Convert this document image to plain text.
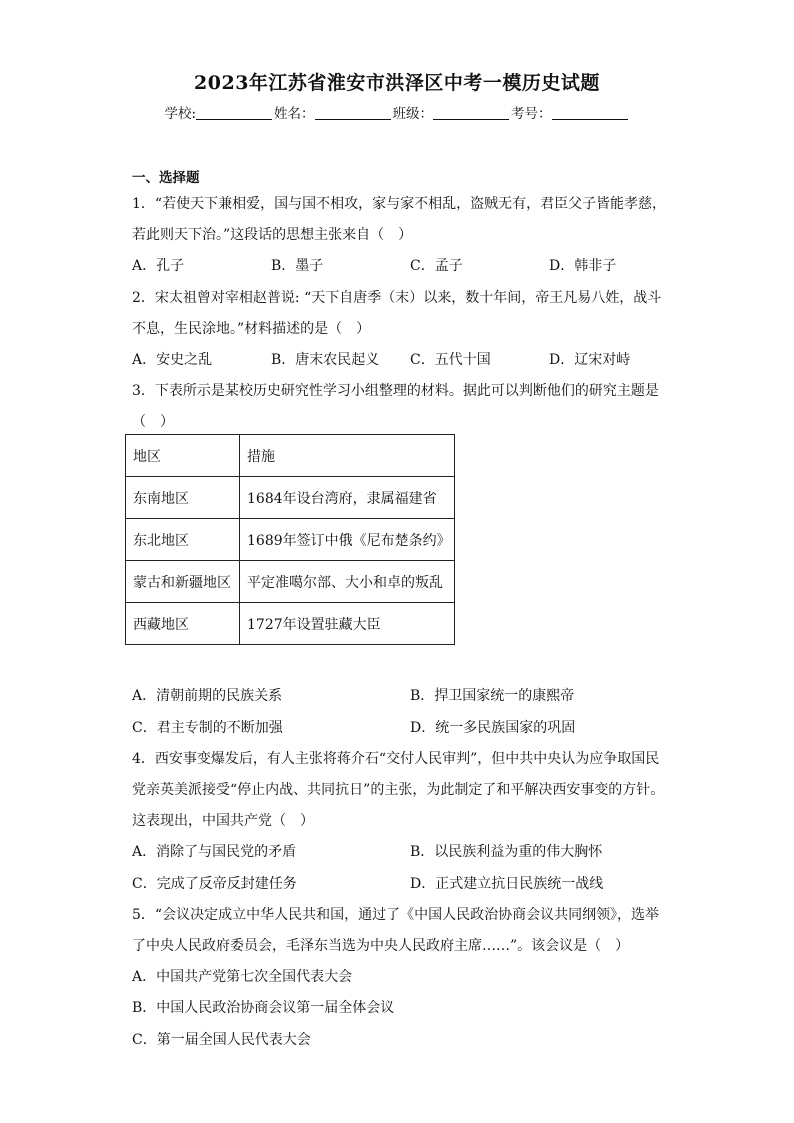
2023年江苏省淮安市洪泽区中考一模历史试题
学校:	姓名：	班级：	考号：
一、选择题
1．“若使天下兼相爱，国与国不相攻，家与家不相乱，盗贼无有，君臣父子皆能孝慈，
若此则天下治。”这段话的思想主张来自（　）
A．孔子	B．墨子	C．孟子	D．韩非子
2．宋太祖曾对宰相赵普说: “天下自唐季（末）以来，数十年间，帝王凡易八姓，战斗
不息，生民涂地。”材料描述的是（　）
A．安史之乱	B．唐末农民起义 C．五代十国	D．辽宋对峙
3．下表所示是某校历史研究性学习小组整理的材料。据此可以判断他们的研究主题是
（　）
地区	措施
东南地区	1684年设台湾府，隶属福建省
东北地区	1689年签订中俄《尼布楚条约》
蒙古和新疆地区	平定准噶尔部、大小和卓的叛乱
西藏地区	1727年设置驻藏大臣
A．清朝前期的民族关系	B．捍卫国家统一的康熙帝
C．君主专制的不断加强	D．统一多民族国家的巩固
4．西安事变爆发后，有人主张将蒋介石“交付人民审判”，但中共中央认为应争取国民
党亲英美派接受“停止内战、共同抗日”的主张，为此制定了和平解决西安事变的方针。
这表现出，中国共产党（　）
A．消除了与国民党的矛盾	B．以民族利益为重的伟大胸怀
C．完成了反帝反封建任务	D．正式建立抗日民族统一战线
5．“会议决定成立中华人民共和国，通过了《中国人民政治协商会议共同纲领》，选举
了中央人民政府委员会，毛泽东当选为中央人民政府主席……”。该会议是（　）
A．中国共产党第七次全国代表大会
B．中国人民政治协商会议第一届全体会议
C．第一届全国人民代表大会
